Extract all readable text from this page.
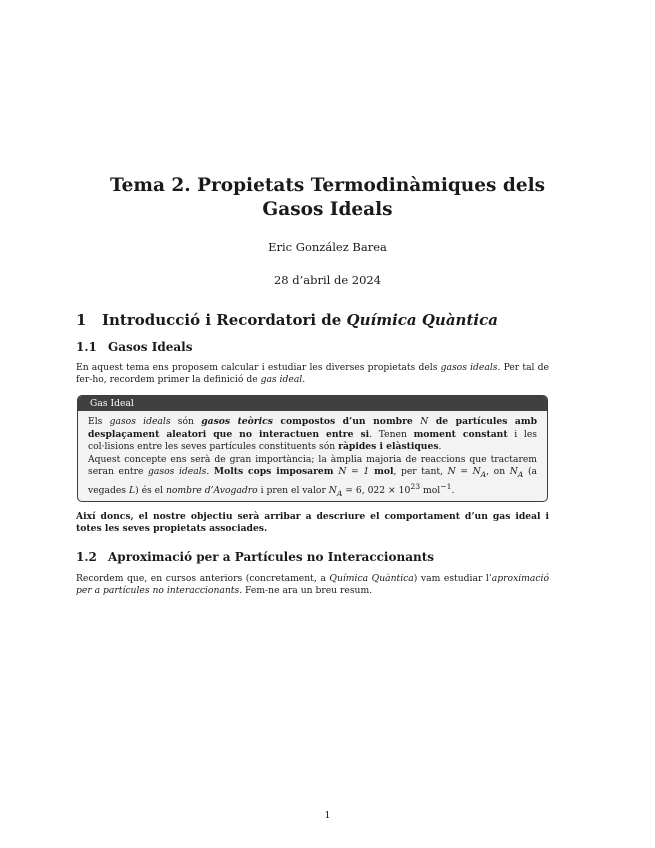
Tema 2. Propietats Termodinàmiques dels Gasos Ideals
Eric González Barea
28 d’abril de 2024
1 Introducció i Recordatori de Química Quàntica
1.1 Gasos Ideals
En aquest tema ens proposem calcular i estudiar les diverses propietats dels gasos ideals. Per tal de fer-ho, recordem primer la definició de gas ideal.
Gas Ideal
Els gasos ideals són gasos teòrics compostos d’un nombre N de partícules amb desplaçament aleatori que no interactuen entre si. Tenen moment constant i les col·lisions entre les seves partícules constituents són ràpides i elàstiques.
Aquest concepte ens serà de gran importància; la àmplia majoria de reaccions que tractarem seran entre gasos ideals. Molts cops imposarem N = 1 mol, per tant, $N = N_A$, on $N_A$ (a vegades L) és el nombre d’Avogadro i pren el valor $N_A = 6$, $022 \times 10^{23}$ mol$^{-1}$.
Així doncs, el nostre objectiu serà arribar a descriure el comportament d’un gas ideal i totes les seves propietats associades.
1.2 Aproximació per a Partícules no Interaccionants
Recordem que, en cursos anteriors (concretament, a Química Quàntica) vam estudiar l’aproximació per a partícules no interaccionants. Fem-ne ara un breu resum.
1
